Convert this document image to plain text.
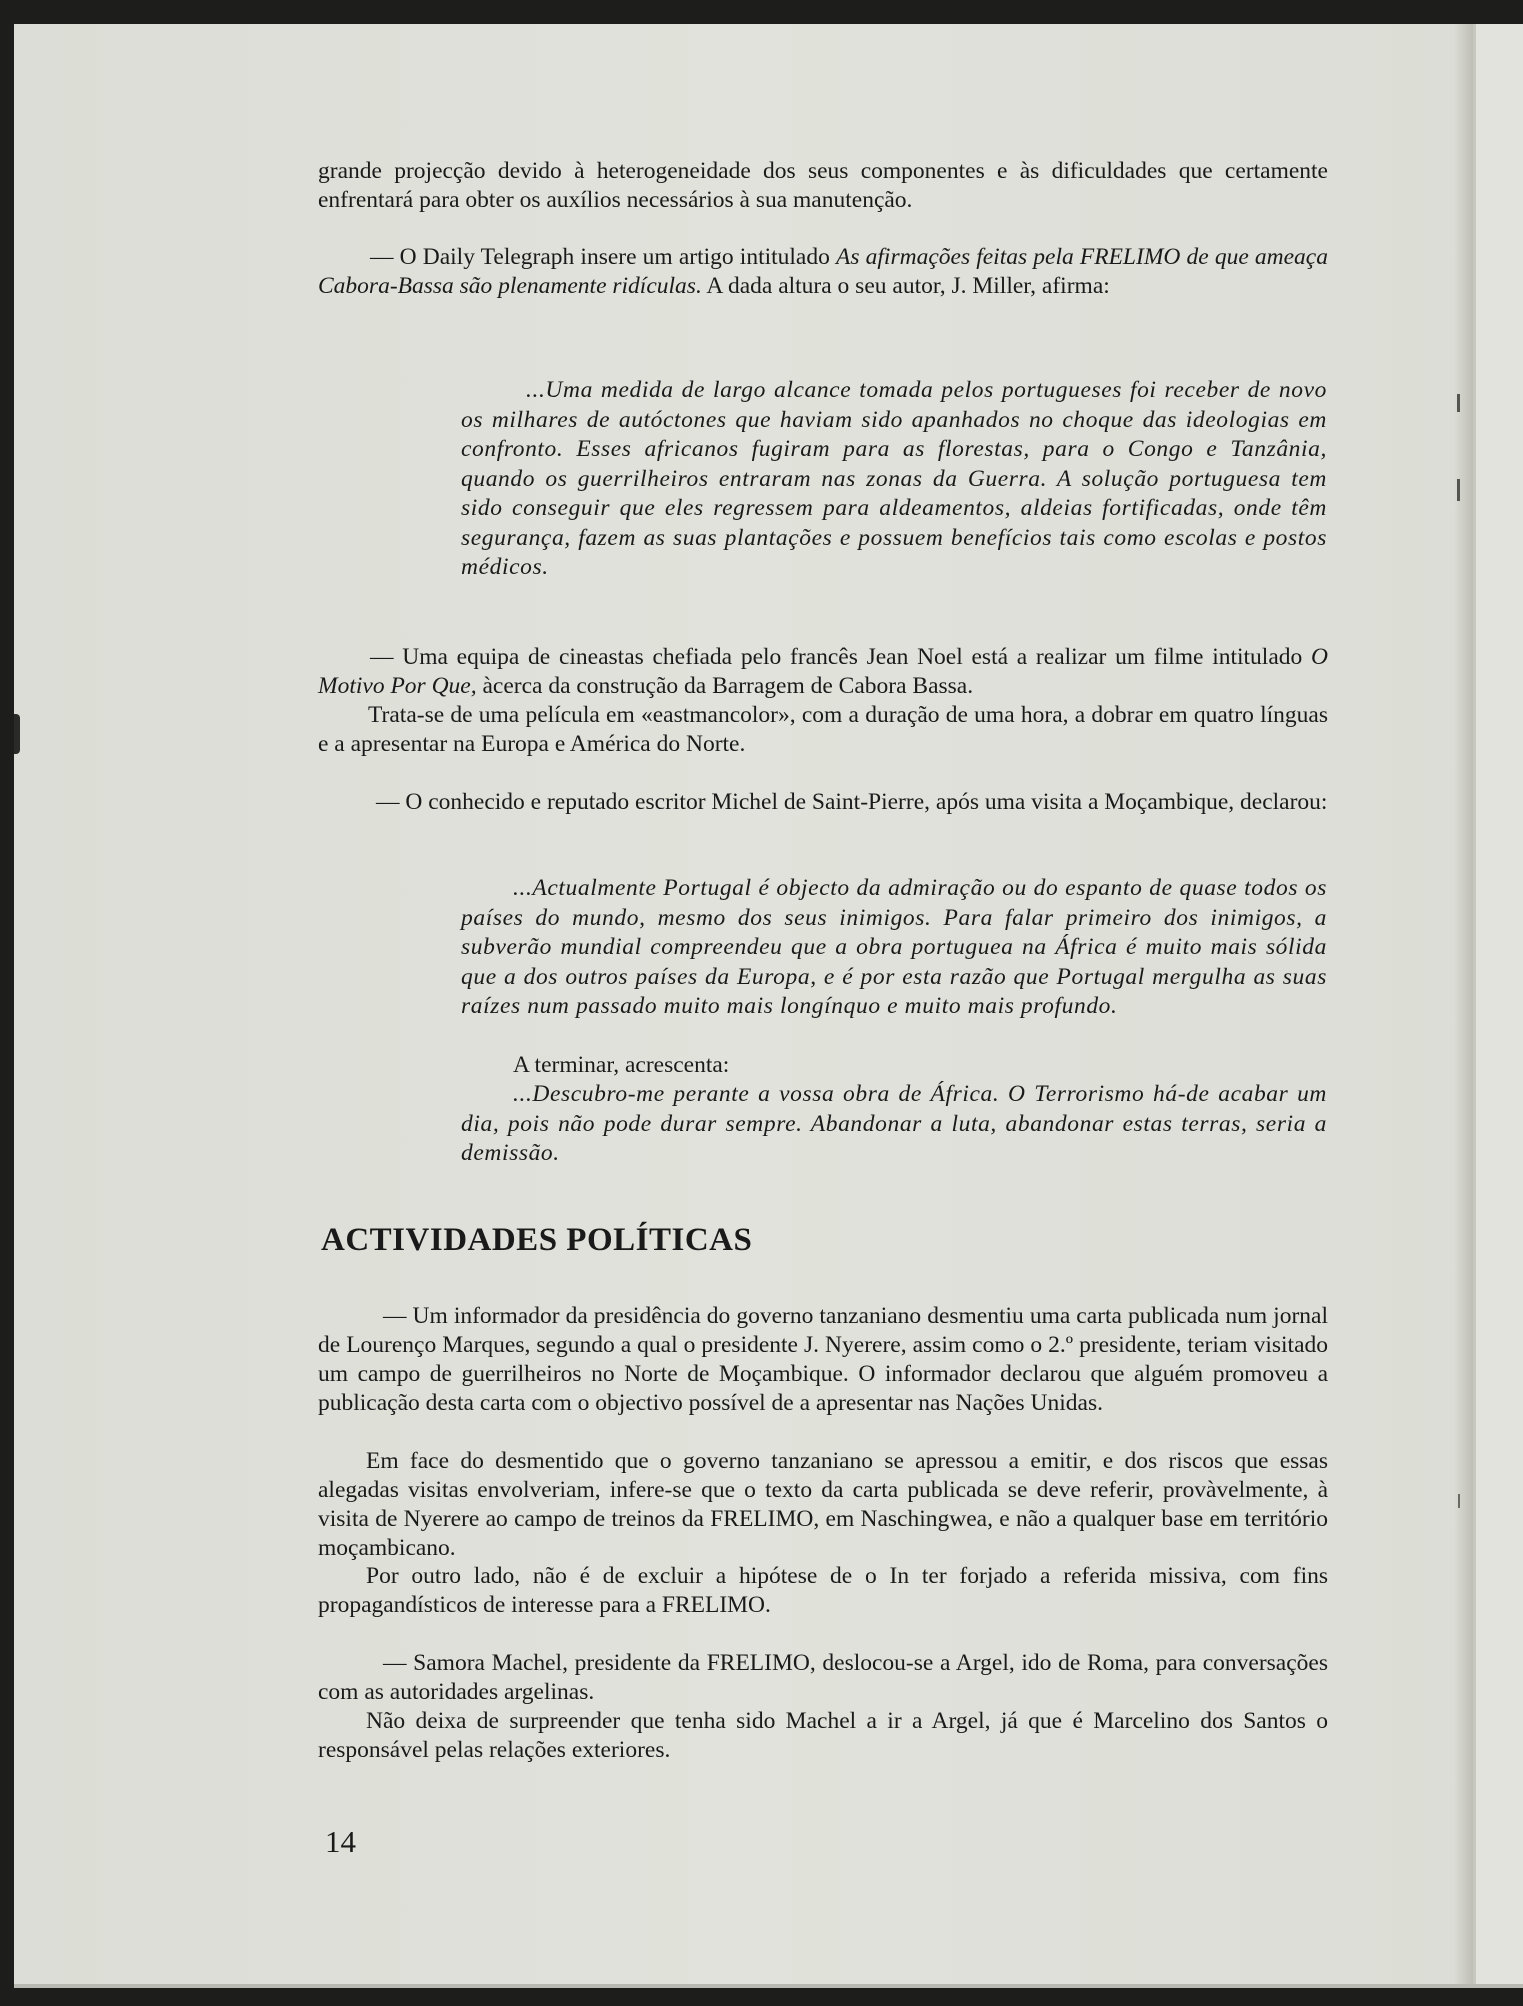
grande projecção devido à heterogeneidade dos seus componentes e às dificuldades que certamente enfrentará para obter os auxílios necessários à sua manutenção.

— O Daily Telegraph insere um artigo intitulado As afirmações feitas pela FRELIMO de que ameaça Cabora-Bassa são plenamente ridículas. A dada altura o seu autor, J. Miller, afirma:

...Uma medida de largo alcance tomada pelos portugueses foi receber de novo os milhares de autóctones que haviam sido apanhados no choque das ideologias em confronto. Esses africanos fugiram para as florestas, para o Congo e Tanzânia, quando os guerrilheiros entraram nas zonas da Guerra. A solução portuguesa tem sido conseguir que eles regressem para aldeamentos, aldeias fortificadas, onde têm segurança, fazem as suas plantações e possuem benefícios tais como escolas e postos médicos.

— Uma equipa de cineastas chefiada pelo francês Jean Noel está a realizar um filme intitulado O Motivo Por Que, àcerca da construção da Barragem de Cabora Bassa.

Trata-se de uma película em «eastmancolor», com a duração de uma hora, a dobrar em quatro línguas e a apresentar na Europa e América do Norte.

— O conhecido e reputado escritor Michel de Saint-Pierre, após uma visita a Moçambique, declarou:

...Actualmente Portugal é objecto da admiração ou do espanto de quase todos os países do mundo, mesmo dos seus inimigos. Para falar primeiro dos inimigos, a subverão mundial compreendeu que a obra portuguea na África é muito mais sólida que a dos outros países da Europa, e é por esta razão que Portugal mergulha as suas raízes num passado muito mais longínquo e muito mais profundo.

A terminar, acrescenta:

...Descubro-me perante a vossa obra de África. O Terrorismo há-de acabar um dia, pois não pode durar sempre. Abandonar a luta, abandonar estas terras, seria a demissão.

ACTIVIDADES POLÍTICAS

— Um informador da presidência do governo tanzaniano desmentiu uma carta publicada num jornal de Lourenço Marques, segundo a qual o presidente J. Nyerere, assim como o 2.º presidente, teriam visitado um campo de guerrilheiros no Norte de Moçambique. O informador declarou que alguém promoveu a publicação desta carta com o objectivo possível de a apresentar nas Nações Unidas.

Em face do desmentido que o governo tanzaniano se apressou a emitir, e dos riscos que essas alegadas visitas envolveriam, infere-se que o texto da carta publicada se deve referir, provàvelmente, à visita de Nyerere ao campo de treinos da FRELIMO, em Naschingwea, e não a qualquer base em território moçambicano.

Por outro lado, não é de excluir a hipótese de o In ter forjado a referida missiva, com fins propagandísticos de interesse para a FRELIMO.

— Samora Machel, presidente da FRELIMO, deslocou-se a Argel, ido de Roma, para conversações com as autoridades argelinas.

Não deixa de surpreender que tenha sido Machel a ir a Argel, já que é Marcelino dos Santos o responsável pelas relações exteriores.

14
